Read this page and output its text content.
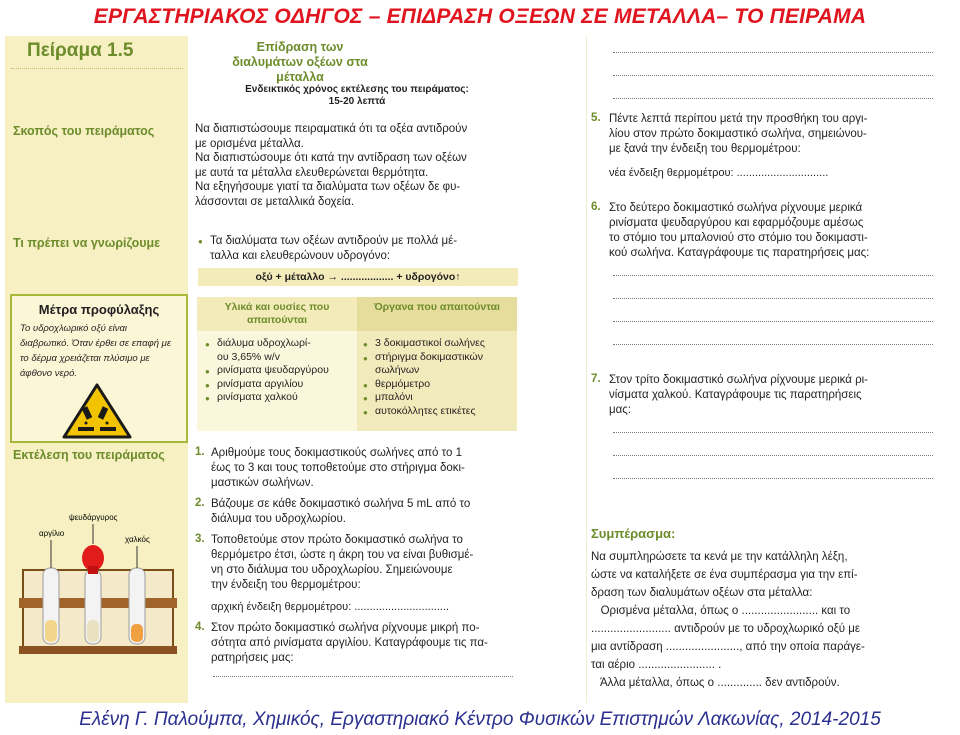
ΕΡΓΑΣΤΗΡΙΑΚΟΣ ΟΔΗΓΟΣ – ΕΠΙΔΡΑΣΗ ΟΞΕΩΝ ΣΕ ΜΕΤΑΛΛΑ– ΤΟ ΠΕΙΡΑΜΑ
Πείραμα 1.5
Σκοπός του πειράματος
Τι πρέπει να γνωρίζουμε
Εκτέλεση του πειράματος
Μέτρα προφύλαξης
Το υδροχλωρικό οξύ είναι διαβρωτικό. Όταν έρθει σε επαφή με το δέρμα χρειάζεται πλύσιμο με άφθονο νερό.
αργίλιο
ψευδάργυρος
χαλκός
Επίδραση των διαλυμάτων οξέων στα μέταλλα
Ενδεικτικός χρόνος εκτέλεσης του πειράματος:
15-20 λεπτά
Να διαπιστώσουμε πειραματικά ότι τα οξέα αντιδρούν
με ορισμένα μέταλλα.
Να διαπιστώσουμε ότι κατά την αντίδραση των οξέων
με αυτά τα μέταλλα ελευθερώνεται θερμότητα.
Να εξηγήσουμε γιατί τα διαλύματα των οξέων δε φυ-
λάσσονται σε μεταλλικά δοχεία.
● Τα διαλύματα των οξέων αντιδρούν με πολλά μέ-
ταλλα και ελευθερώνουν υδρογόνο:
οξύ + μέταλλο → .................. + υδρογόνο↑
Υλικά και ουσίες που απαιτούνται
Όργανα που απαιτούνται
● διάλυμα υδροχλωρί-
ου 3,65% w/v
● ρινίσματα ψευδαργύρου
● ρινίσματα αργιλίου
● ρινίσματα χαλκού
● 3 δοκιμαστικοί σωλήνες
● στήριγμα δοκιμαστικών
σωλήνων
● θερμόμετρο
● μπαλόνι
● αυτοκόλλητες ετικέτες
1. Αριθμούμε τους δοκιμαστικούς σωλήνες από το 1
έως το 3 και τους τοποθετούμε στο στήριγμα δοκι-
μαστικών σωλήνων.
2. Βάζουμε σε κάθε δοκιμαστικό σωλήνα 5 mL από το
διάλυμα του υδροχλωρίου.
3. Τοποθετούμε στον πρώτο δοκιμαστικό σωλήνα το
θερμόμετρο έτσι, ώστε η άκρη του να είναι βυθισμέ-
νη στο διάλυμα του υδροχλωρίου. Σημειώνουμε
την ένδειξη του θερμομέτρου:
αρχική ένδειξη θερμομέτρου: ...............................
4. Στον πρώτο δοκιμαστικό σωλήνα ρίχνουμε μικρή πο-
σότητα από ρινίσματα αργιλίου. Καταγράφουμε τις πα-
ρατηρήσεις μας:
5. Πέντε λεπτά περίπου μετά την προσθήκη του αργι-
λίου στον πρώτο δοκιμαστικό σωλήνα, σημειώνου-
με ξανά την ένδειξη του θερμομέτρου:
νέα ένδειξη θερμομέτρου: ..............................
6. Στο δεύτερο δοκιμαστικό σωλήνα ρίχνουμε μερικά
ρινίσματα ψευδαργύρου και εφαρμόζουμε αμέσως
το στόμιο του μπαλονιού στο στόμιο του δοκιμαστι-
κού σωλήνα. Καταγράφουμε τις παρατηρήσεις μας:
7. Στον τρίτο δοκιμαστικό σωλήνα ρίχνουμε μερικά ρι-
νίσματα χαλκού. Καταγράφουμε τις παρατηρήσεις
μας:
Συμπέρασμα:
Να συμπληρώσετε τα κενά με την κατάλληλη λέξη,
ώστε να καταλήξετε σε ένα συμπέρασμα για την επί-
δραση των διαλυμάτων οξέων στα μέταλλα:
Ορισμένα μέταλλα, όπως ο ........................ και το
......................... αντιδρούν με το υδροχλωρικό οξύ με
μια αντίδραση ......................., από την οποία παράγε-
ται αέριο ........................ .
Άλλα μέταλλα, όπως ο .............. δεν αντιδρούν.
Ελένη Γ. Παλούμπα, Χημικός, Εργαστηριακό Κέντρο Φυσικών Επιστημών Λακωνίας, 2014-2015
